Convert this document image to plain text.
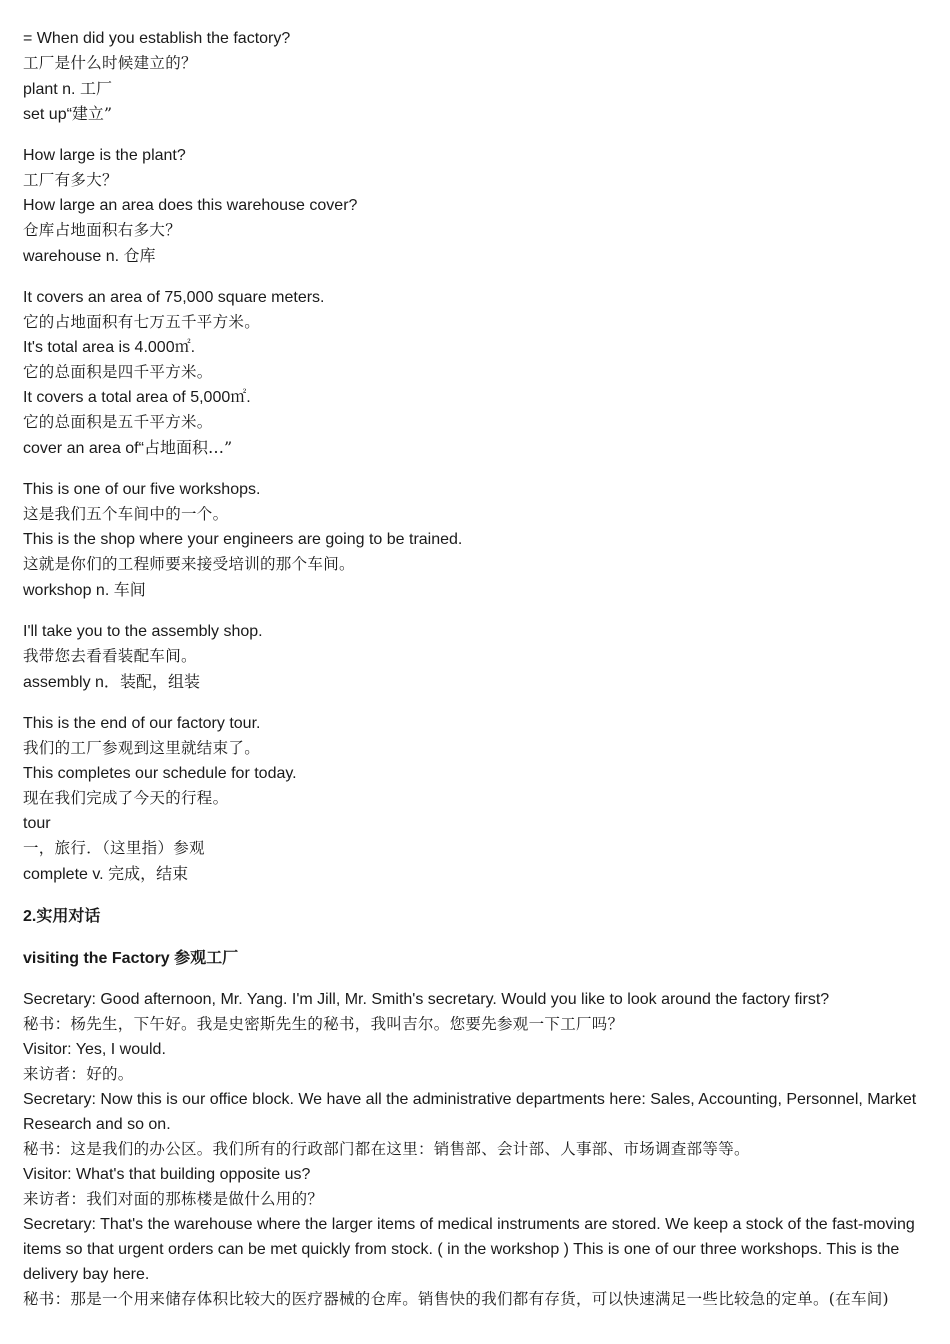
= When did you establish the factory?
工厂是什么时候建立的？
plant n. 工厂
set up“建立”
How large is the plant?
工厂有多大？
How large an area does this warehouse cover?
仓库占地面积右多大？
warehouse n. 仓库
It covers an area of 75,000 square meters.
它的占地面积有七万五千平方米。
It's total area is 4.000㎡.
它的总面积是四千平方米。
It covers a total area of 5,000㎡.
它的总面积是五千平方米。
cover an area of“占地面积…”
This is one of our five workshops.
这是我们五个车间中的一个。
This is the shop where your engineers are going to be trained.
这就是你们的工程师要来接受培训的那个车间。
workshop n. 车间
I'll take you to the assembly shop.
我带您去看看装配车间。
assembly n．装配，组装
This is the end of our factory tour.
我们的工厂参观到这里就结束了。
This completes our schedule for today.
现在我们完成了今天的行程。
tour
一，旅行．（这里指）参观
complete v. 完成，结束
2.实用对话
visiting the Factory 参观工厂
Secretary: Good afternoon, Mr. Yang. I'm Jill, Mr. Smith's secretary. Would you like to look around the factory first?
秘书：杨先生，下午好。我是史密斯先生的秘书，我叫吉尔。您要先参观一下工厂吗？
Visitor: Yes, I would.
来访者：好的。
Secretary: Now this is our office block. We have all the administrative departments here: Sales, Accounting, Personnel, Market Research and so on.
秘书：这是我们的办公区。我们所有的行政部门都在这里：销售部、会计部、人事部、市场调查部等等。
Visitor: What's that building opposite us?
来访者：我们对面的那栋楼是做什么用的？
Secretary: That's the warehouse where the larger items of medical instruments are stored. We keep a stock of the fast-moving items so that urgent orders can be met quickly from stock. ( in the workshop ) This is one of our three workshops. This is the delivery bay here.
秘书：那是一个用来储存体积比较大的医疗器械的仓库。销售快的我们都有存货，可以快速满足一些比较急的定单。(在车间)
